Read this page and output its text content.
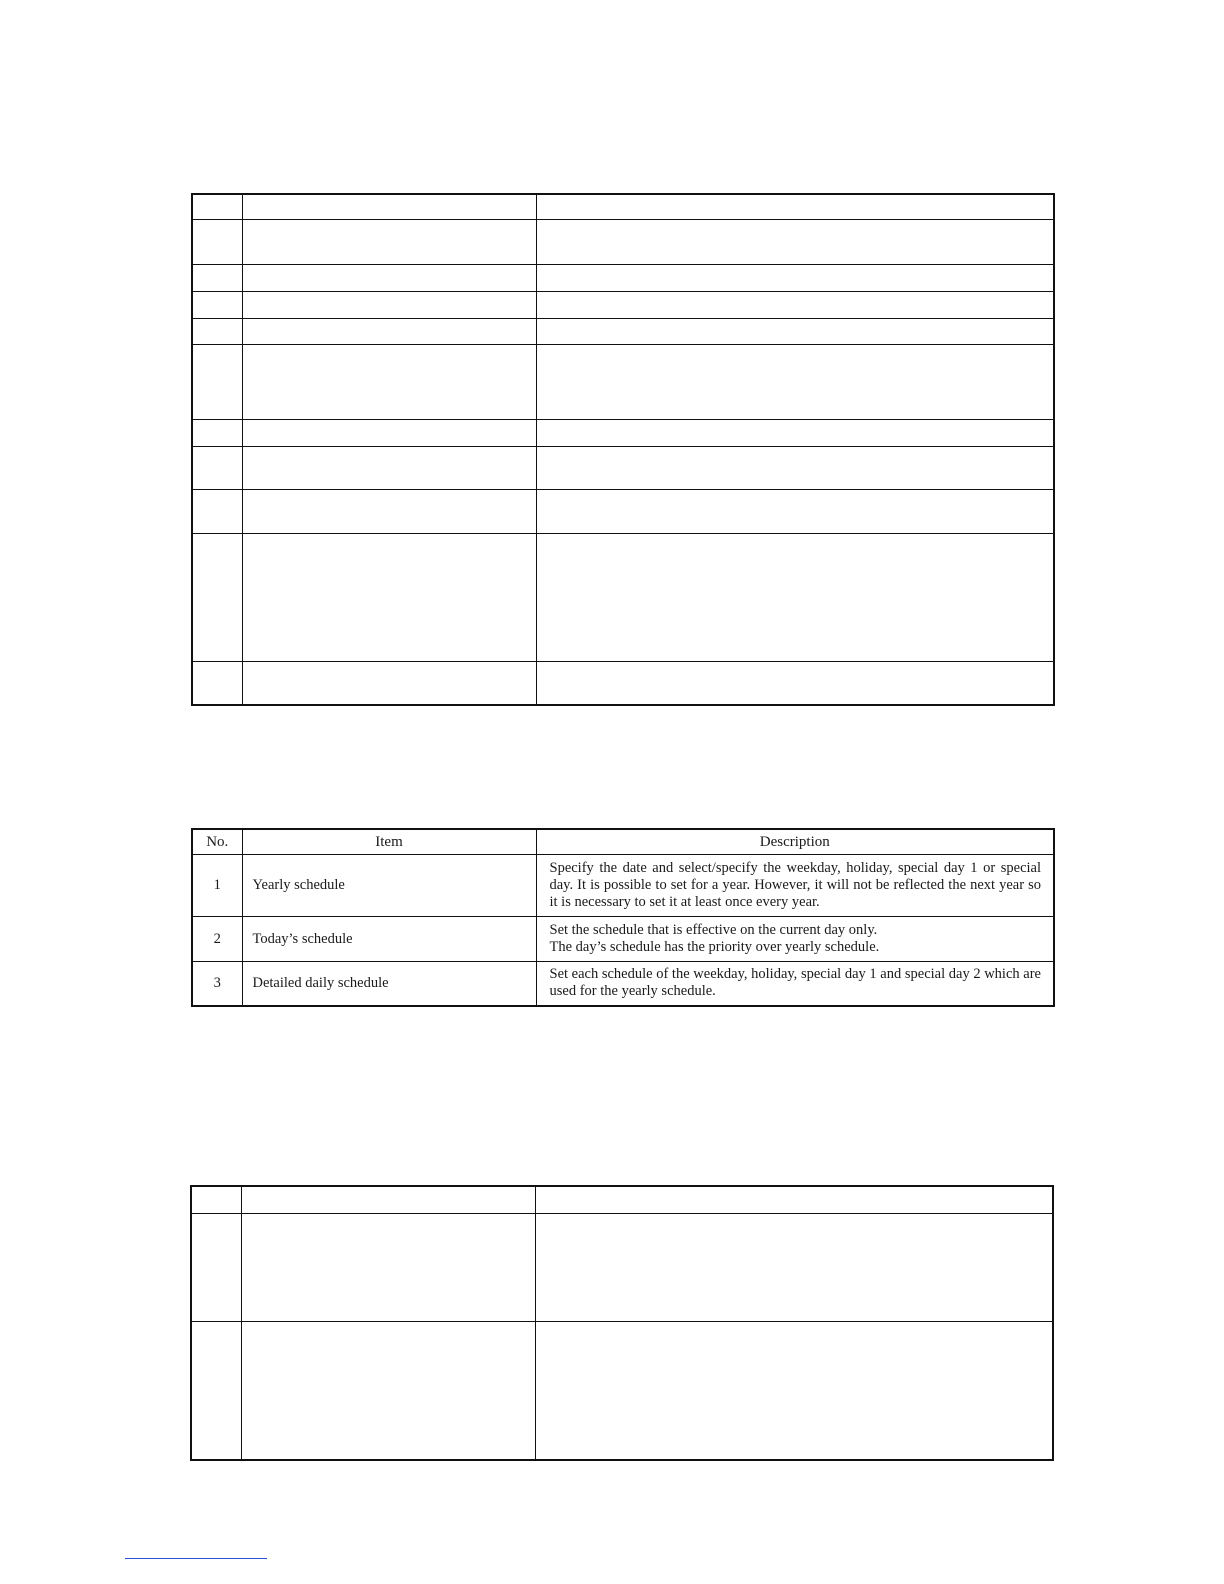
No.	Item	Description
1	Yearly schedule	Specify the date and select/specify the weekday, holiday, special day 1 or special day. It is possible to set for a year. However, it will not be reflected the next year so it is necessary to set it at least once every year.
2	Today’s schedule	Set the schedule that is effective on the current day only.
The day’s schedule has the priority over yearly schedule.

3	Detailed daily schedule	Set each schedule of the weekday, holiday, special day 1 and special day 2 which are used for the yearly schedule.
